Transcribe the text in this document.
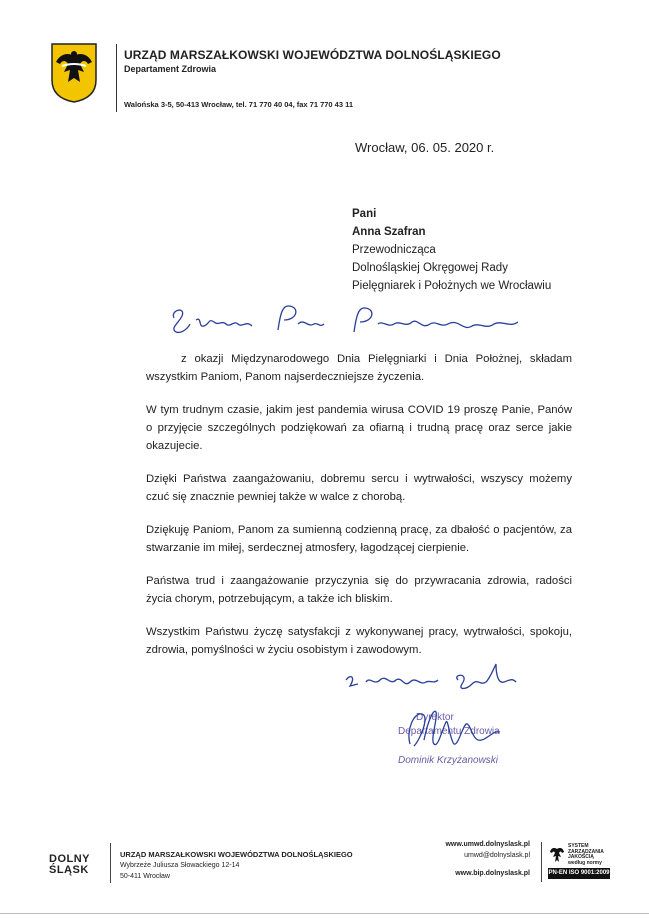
URZĄD MARSZAŁKOWSKI WOJEWÓDZTWA DOLNOŚLĄSKIEGO
Departament Zdrowia
Walońska 3-5, 50-413 Wrocław, tel. 71 770 40 04, fax 71 770 43 11
Wrocław, 06. 05. 2020 r.
Pani
Anna Szafran
Przewodnicząca
Dolnośląskiej Okręgowej Rady
Pielęgniarek i Położnych we Wrocławiu

z okazji Międzynarodowego Dnia Pielęgniarki i Dnia Położnej, składam wszystkim Paniom, Panom najserdeczniejsze życzenia.

W tym trudnym czasie, jakim jest pandemia wirusa COVID 19 proszę Panie, Panów o przyjęcie szczególnych podziękowań za ofiarną i trudną pracę oraz serce jakie okazujecie.

Dzięki Państwa zaangażowaniu, dobremu sercu i wytrwałości, wszyscy możemy czuć się znacznie pewniej także w walce z chorobą.

Dziękuję Paniom, Panom za sumienną codzienną pracę, za dbałość o pacjentów, za stwarzanie im miłej, serdecznej atmosfery, łagodzącej cierpienie.

Państwa trud i zaangażowanie przyczynia się do przywracania zdrowia, radości życia chorym, potrzebującym, a także ich bliskim.

Wszystkim Państwu życzę satysfakcji z wykonywanej pracy, wytrwałości, spokoju, zdrowia, pomyślności w życiu osobistym i zawodowym.

Dyrektor
Departamentu Zdrowia
Dominik Krzyżanowski
DOLNY
ŚLĄSK
URZĄD MARSZAŁKOWSKI WOJEWÓDZTWA DOLNOŚLĄSKIEGO
Wybrzeże Juliusza Słowackiego 12-14
50-411 Wrocław
www.umwd.dolnyslask.pl
umwd@dolnyslask.pl
www.bip.dolnyslask.pl
SYSTEM
ZARZĄDZANIA
JAKOŚCIĄ
według normy
PN-EN ISO 9001:2009
